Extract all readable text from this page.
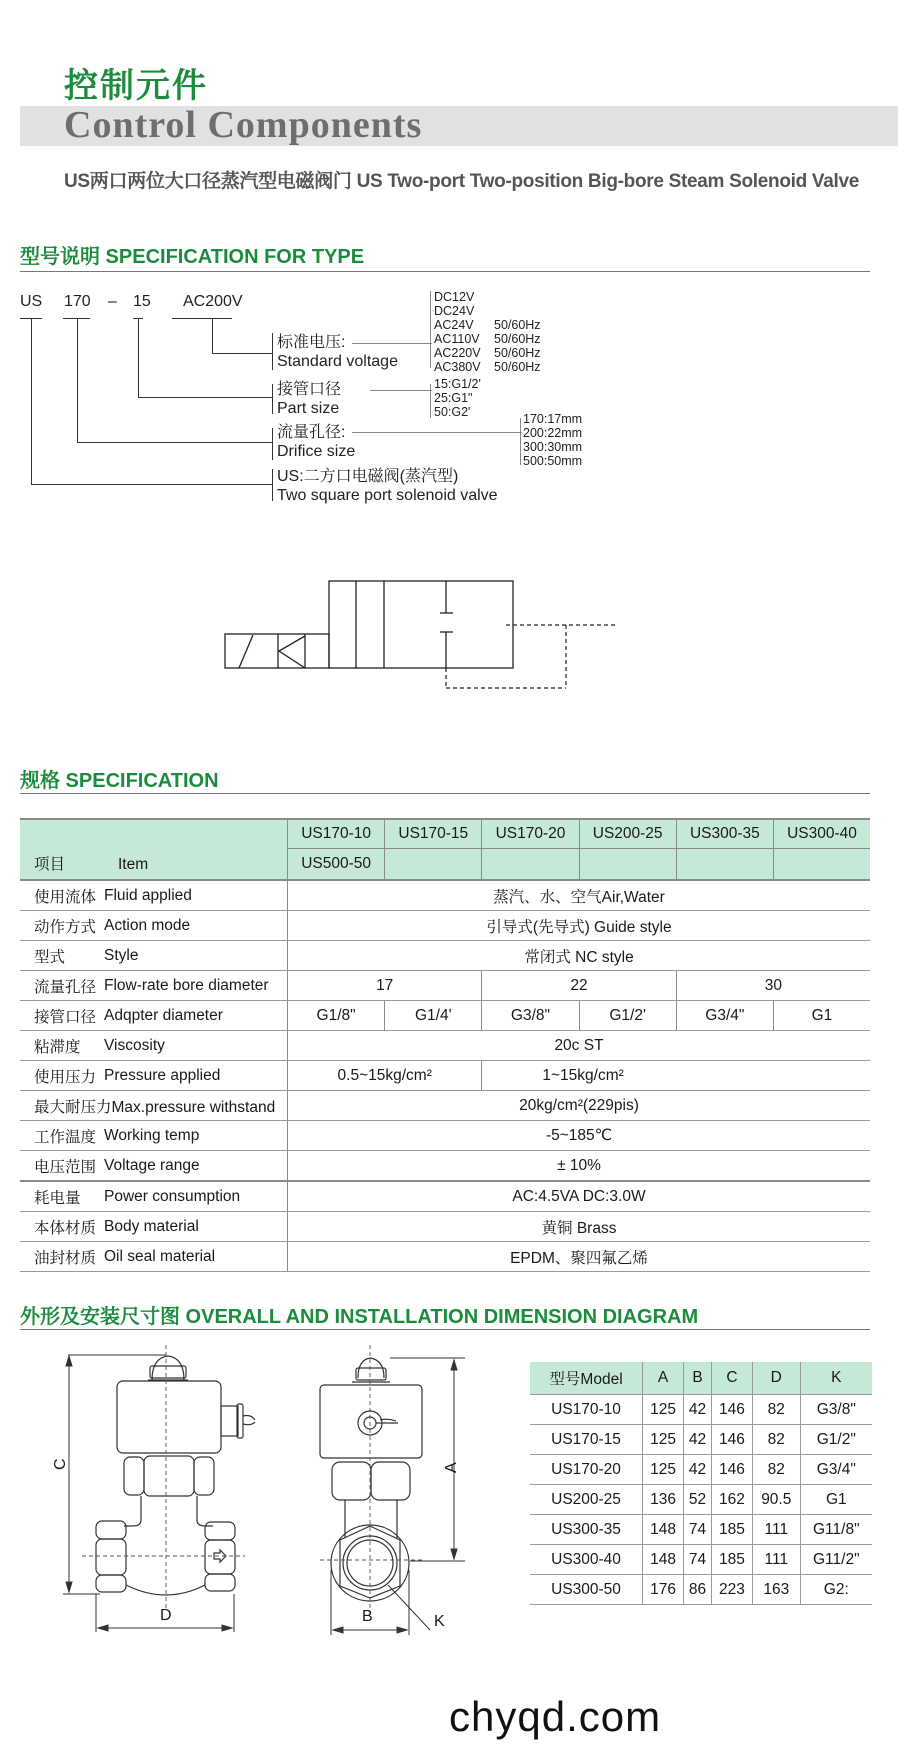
控制元件
Control Components
US两口两位大口径蒸汽型电磁阀门 US Two-port Two-position Big-bore Steam Solenoid Valve
型号说明 SPECIFICATION FOR TYPE
US 170 – 15 AC200V
标准电压:
Standard voltage
DC12V
DC24V
AC24V 50/60Hz
AC110V 50/60Hz
AC220V 50/60Hz
AC380V 50/60Hz
接管口径
Part size
15:G1/2'
25:G1"
50:G2'
流量孔径:
Drifice size
170:17mm
200:22mm
300:30mm
500:50mm
US:二方口电磁阀(蒸汽型)
Two square port solenoid valve
规格 SPECIFICATION
项目 Item		US170-10	US170-15	US170-20	US200-25	US300-35	US300-40
		US500-50					
使用流体	Fluid applied	蒸汽、水、空气Air,Water					
动作方式	Action mode	引导式(先导式) Guide style					
型式	Style	常闭式 NC style					
流量孔径	Flow-rate bore diameter	17		22		30	
接管口径	Adqpter diameter	G1/8"	G1/4'	G3/8"	G1/2'	G3/4"	G1
粘滞度	Viscosity	20c ST					
使用压力	Pressure applied	0.5~15kg/cm²		1~15kg/cm²			
最大耐压力Max.pressure withstand		20kg/cm²(229pis)					
工作温度	Working temp	-5~185℃					
电压范围	Voltage range	± 10%					
耗电量	Power consumption	AC:4.5VA DC:3.0W					
本体材质	Body material	黄铜 Brass					
油封材质	Oil seal material	EPDM、聚四氟乙烯					
外形及安装尺寸图 OVERALL AND INSTALLATION DIMENSION DIAGRAM
C
D
A
B	K
型号Model	A	B	C	D	K
US170-10	125	42	146	82	G3/8"
US170-15	125	42	146	82	G1/2"
US170-20	125	42	146	82	G3/4"
US200-25	136	52	162	90.5	G1
US300-35	148	74	185	111	G11/8"
US300-40	148	74	185	111	G11/2"
US300-50	176	86	223	163	G2:
chyqd.com
